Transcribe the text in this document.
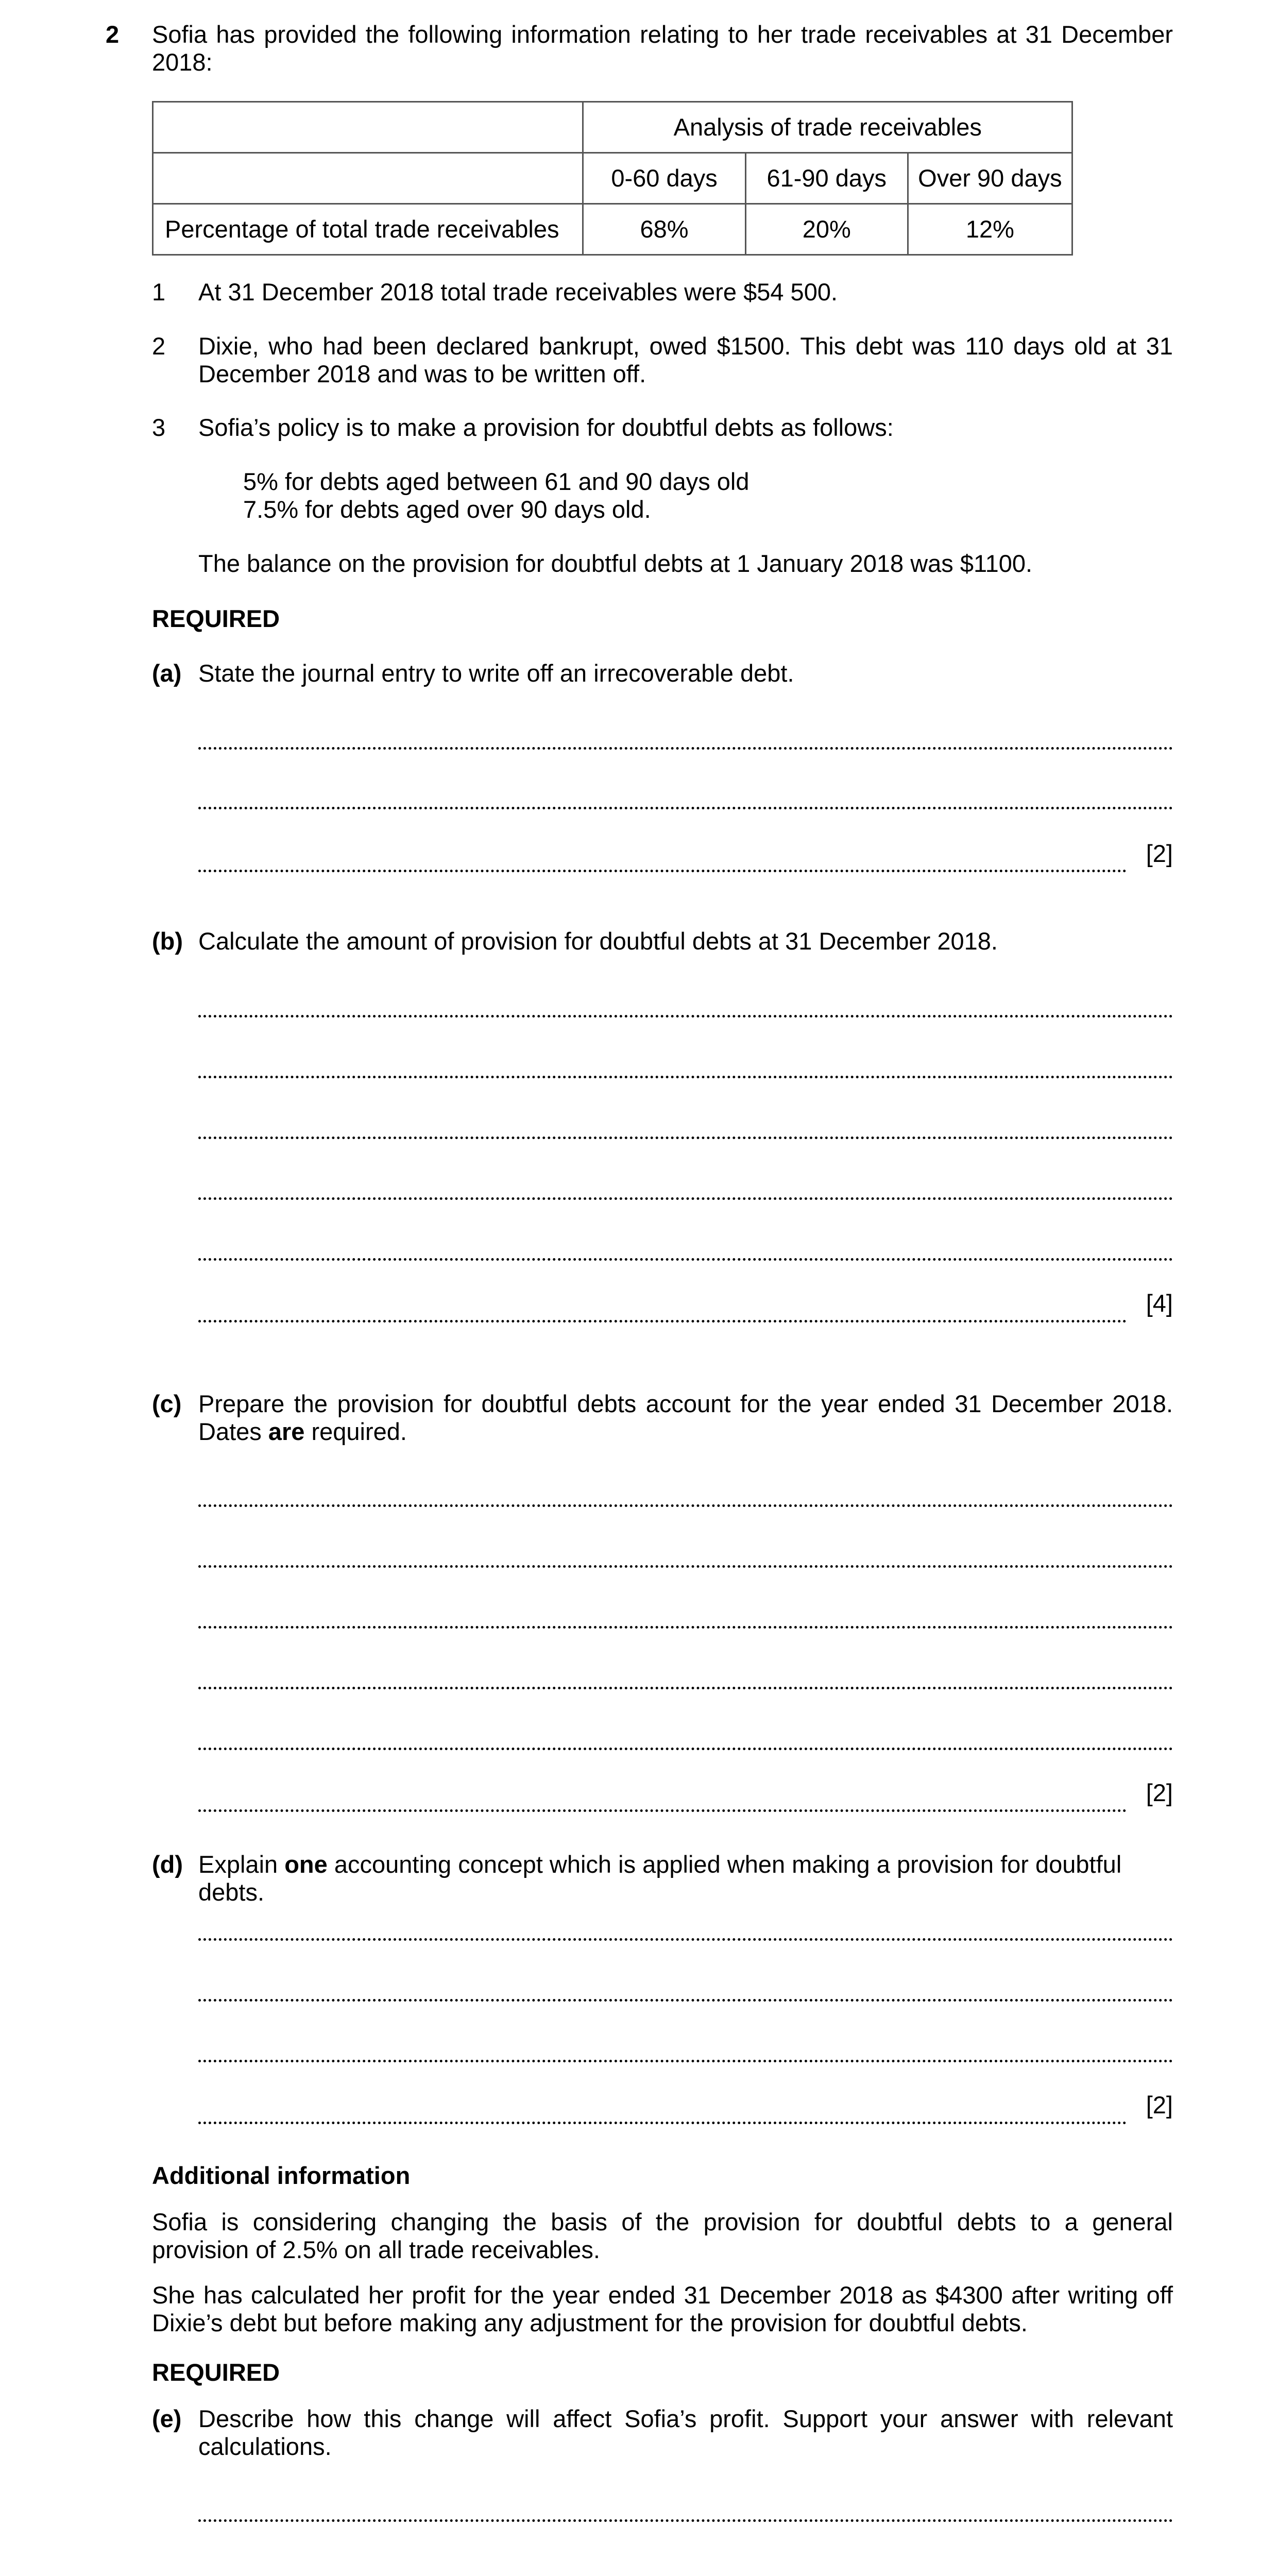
2 Sofia has provided the following information relating to her trade receivables at 31 December 2018:
	Analysis of trade receivables		
	0-60 days	61-90 days	Over 90 days
Percentage of total trade receivables	68%	20%	12%
1 At 31 December 2018 total trade receivables were $54 500.
2 Dixie, who had been declared bankrupt, owed $1500. This debt was 110 days old at 31 December 2018 and was to be written off.
3 Sofia’s policy is to make a provision for doubtful debts as follows:
5% for debts aged between 61 and 90 days old
7.5% for debts aged over 90 days old.
The balance on the provision for doubtful debts at 1 January 2018 was $1100.
REQUIRED
(a) State the journal entry to write off an irrecoverable debt.
[2]
(b) Calculate the amount of provision for doubtful debts at 31 December 2018.
[4]
(c) Prepare the provision for doubtful debts account for the year ended 31 December 2018. Dates are required.
[2]
(d) Explain one accounting concept which is applied when making a provision for doubtful debts.
[2]
Additional information
Sofia is considering changing the basis of the provision for doubtful debts to a general provision of 2.5% on all trade receivables.
She has calculated her profit for the year ended 31 December 2018 as $4300 after writing off Dixie’s debt but before making any adjustment for the provision for doubtful debts.
REQUIRED
(e) Describe how this change will affect Sofia’s profit. Support your answer with relevant calculations.
